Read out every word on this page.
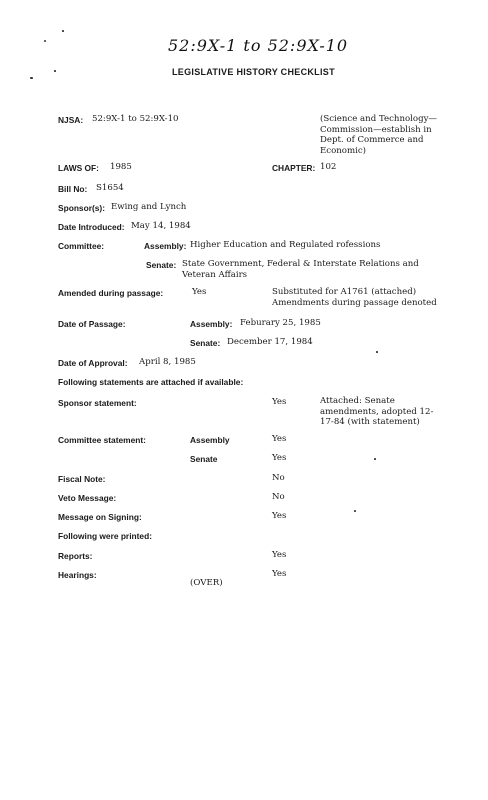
52:9X-1 to 52:9X-10
LEGISLATIVE HISTORY CHECKLIST
NJSA: 52:9X-1 to 52:9X-10	(Science and Technology—Commission—establish in Dept. of Commerce and Economic)
LAWS OF: 1985	CHAPTER: 102
Bill No: S1654
Sponsor(s): Ewing and Lynch
Date Introduced: May 14, 1984
Committee:	Assembly: Higher Education and Regulated rofessions
Senate: State Government, Federal & Interstate Relations and Veteran Affairs
Amended during passage:	Yes	Substituted for A1761 (attached) Amendments during passage denoted
Date of Passage:	Assembly: Feburary 25, 1985
Senate: December 17, 1984
Date of Approval: April 8, 1985
Following statements are attached if available:
Sponsor statement:	Yes	Attached: Senate amendments, adopted 12-17-84 (with statement)
Committee statement:	Assembly	Yes
Senate	Yes
Fiscal Note:	No
Veto Message:	No
Message on Signing:	Yes
Following were printed:
Reports:	Yes
Hearings:	Yes
(OVER)
